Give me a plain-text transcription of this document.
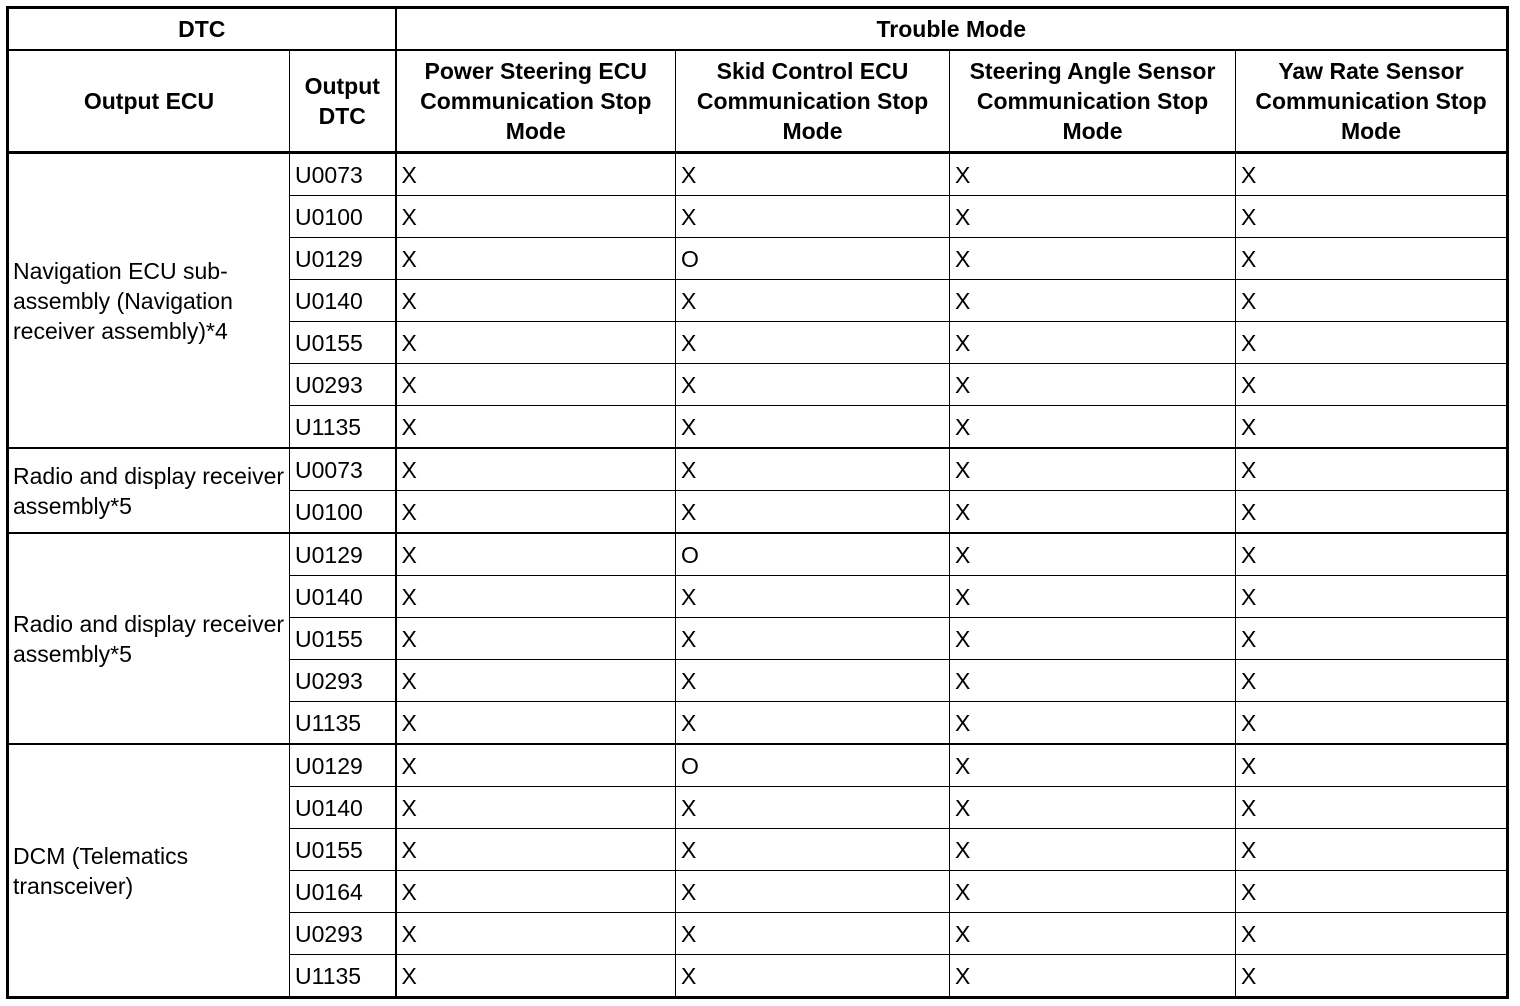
DTC		Trouble Mode			
Output ECU	Output DTC	Power Steering ECU Communication Stop Mode	Skid Control ECU Communication Stop Mode	Steering Angle Sensor Communication Stop Mode	Yaw Rate Sensor Communication Stop Mode
Navigation ECU sub-assembly (Navigation receiver assembly)*4	U0073	X	X	X	X
	U0100	X	X	X	X
	U0129	X	O	X	X
	U0140	X	X	X	X
	U0155	X	X	X	X
	U0293	X	X	X	X
	U1135	X	X	X	X
Radio and display receiver assembly*5	U0073	X	X	X	X
	U0100	X	X	X	X
Radio and display receiver assembly*5	U0129	X	O	X	X
	U0140	X	X	X	X
	U0155	X	X	X	X
	U0293	X	X	X	X
	U1135	X	X	X	X
DCM (Telematics transceiver)	U0129	X	O	X	X
	U0140	X	X	X	X
	U0155	X	X	X	X
	U0164	X	X	X	X
	U0293	X	X	X	X
	U1135	X	X	X	X
